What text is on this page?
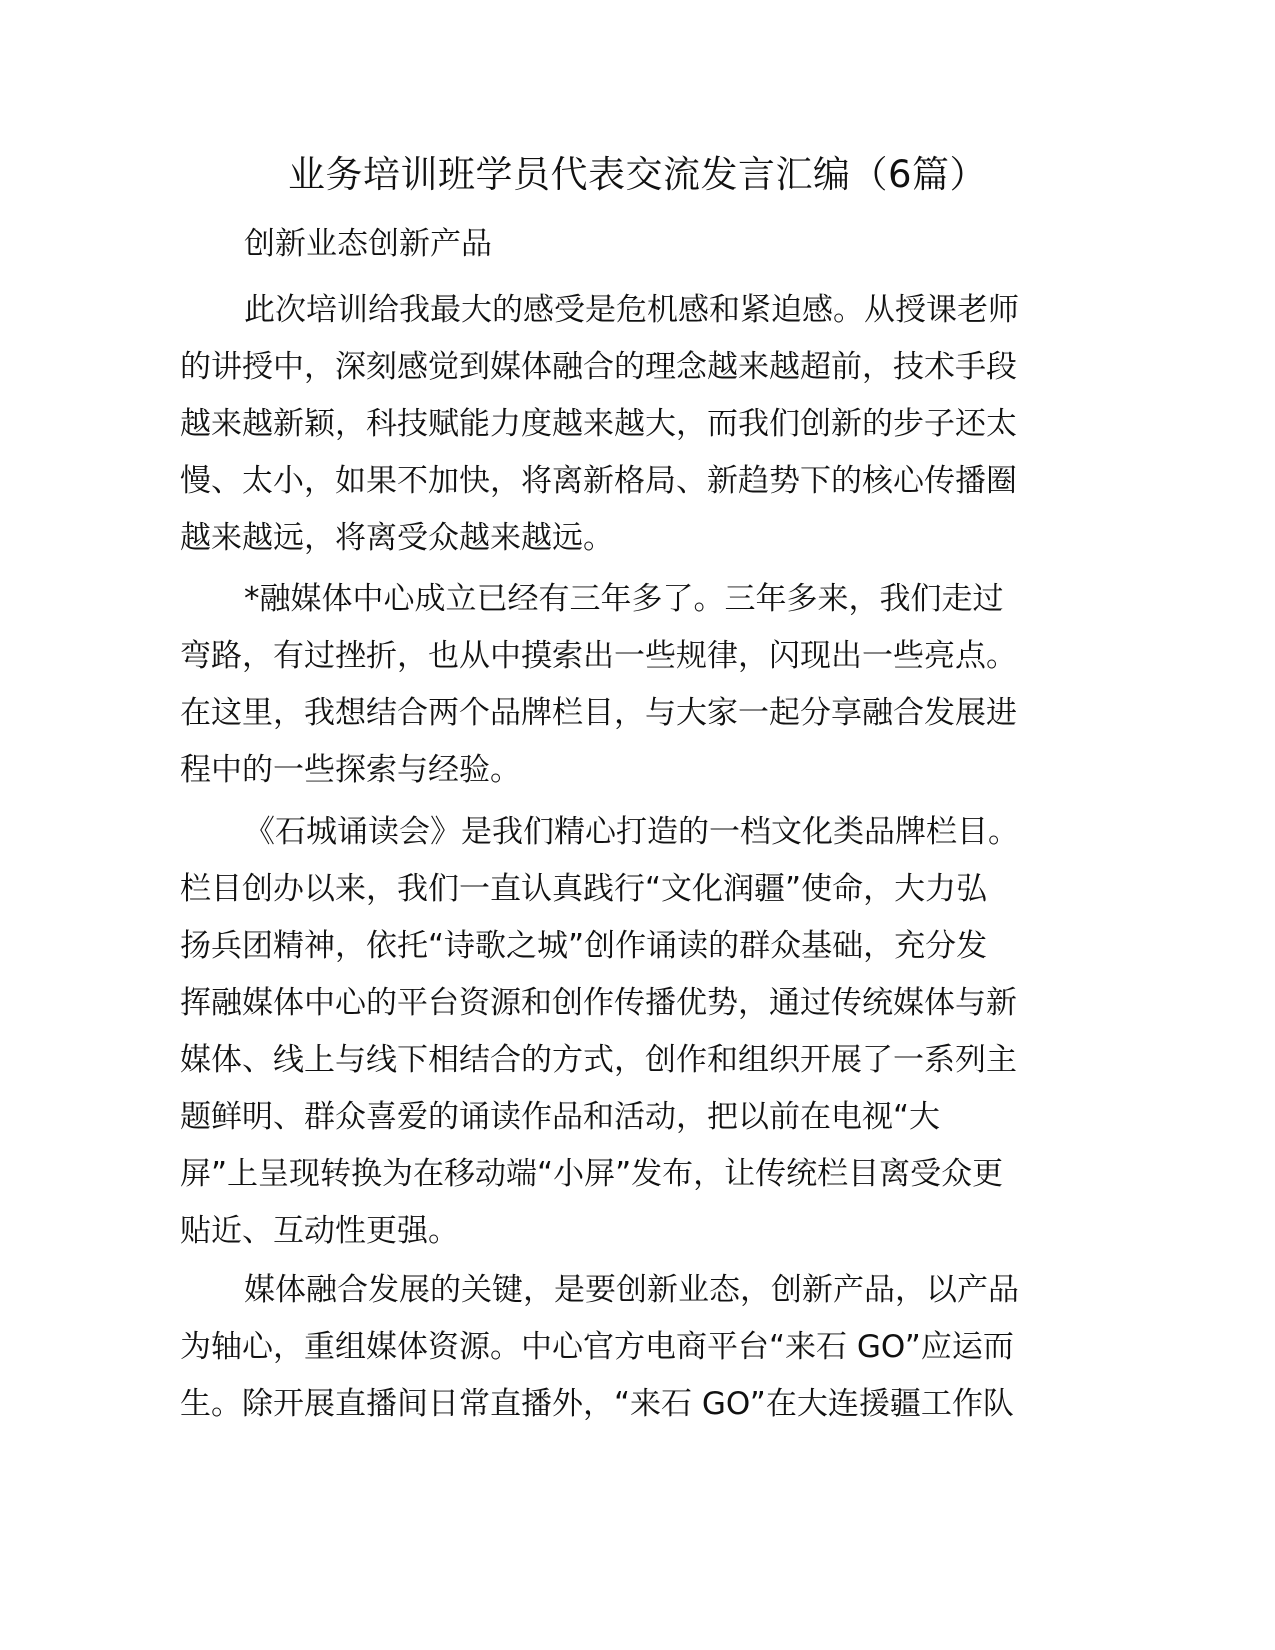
业务培训班学员代表交流发言汇编（6篇）

创新业态创新产品

此次培训给我最大的感受是危机感和紧迫感。从授课老师
的讲授中，深刻感觉到媒体融合的理念越来越超前，技术手段
越来越新颖，科技赋能力度越来越大，而我们创新的步子还太
慢、太小，如果不加快，将离新格局、新趋势下的核心传播圈
越来越远，将离受众越来越远。
*融媒体中心成立已经有三年多了。三年多来，我们走过
弯路，有过挫折，也从中摸索出一些规律，闪现出一些亮点。
在这里，我想结合两个品牌栏目，与大家一起分享融合发展进
程中的一些探索与经验。
《石城诵读会》是我们精心打造的一档文化类品牌栏目。
栏目创办以来，我们一直认真践行“文化润疆”使命，大力弘
扬兵团精神，依托“诗歌之城”创作诵读的群众基础，充分发
挥融媒体中心的平台资源和创作传播优势，通过传统媒体与新
媒体、线上与线下相结合的方式，创作和组织开展了一系列主
题鲜明、群众喜爱的诵读作品和活动，把以前在电视“大
屏”上呈现转换为在移动端“小屏”发布，让传统栏目离受众更
贴近、互动性更强。
媒体融合发展的关键，是要创新业态，创新产品，以产品
为轴心，重组媒体资源。中心官方电商平台“来石 GO”应运而
生。除开展直播间日常直播外，“来石 GO”在大连援疆工作队
